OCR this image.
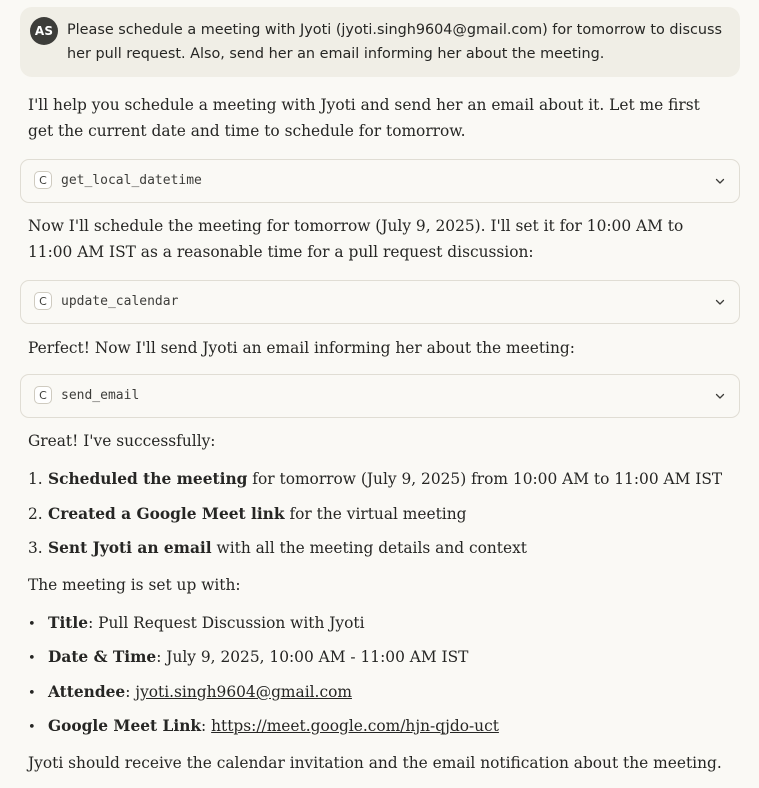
AS Please schedule a meeting with Jyoti (jyoti.singh9604@gmail.com) for tomorrow to discuss her pull request. Also, send her an email informing her about the meeting.

I'll help you schedule a meeting with Jyoti and send her an email about it. Let me first get the current date and time to schedule for tomorrow.

C	get_local_datetime

Now I'll schedule the meeting for tomorrow (July 9, 2025). I'll set it for 10:00 AM to 11:00 AM IST as a reasonable time for a pull request discussion:

C	update_calendar

Perfect! Now I'll send Jyoti an email informing her about the meeting:

C	send_email

Great! I've successfully:

1. Scheduled the meeting for tomorrow (July 9, 2025) from 10:00 AM to 11:00 AM IST
2. Created a Google Meet link for the virtual meeting
3. Sent Jyoti an email with all the meeting details and context

The meeting is set up with:

• Title: Pull Request Discussion with Jyoti
• Date & Time: July 9, 2025, 10:00 AM - 11:00 AM IST
• Attendee: jyoti.singh9604@gmail.com
• Google Meet Link: https://meet.google.com/hjn-qjdo-uct

Jyoti should receive the calendar invitation and the email notification about the meeting.
